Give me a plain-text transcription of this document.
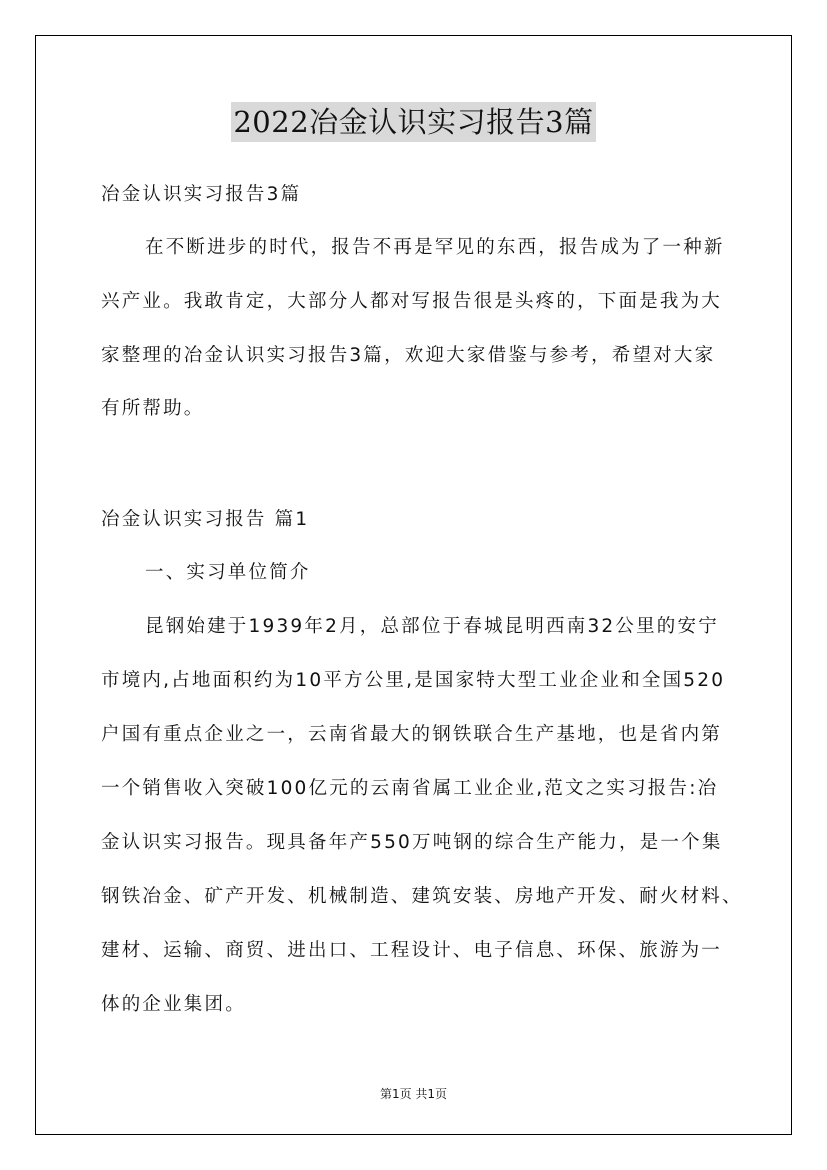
2022冶金认识实习报告3篇
冶金认识实习报告3篇
在不断进步的时代，报告不再是罕见的东西，报告成为了一种新
兴产业。我敢肯定，大部分人都对写报告很是头疼的，下面是我为大
家整理的冶金认识实习报告3篇，欢迎大家借鉴与参考，希望对大家
有所帮助。
冶金认识实习报告 篇1
一、实习单位简介
昆钢始建于1939年2月，总部位于春城昆明西南32公里的安宁
市境内,占地面积约为10平方公里,是国家特大型工业企业和全国520
户国有重点企业之一，云南省最大的钢铁联合生产基地，也是省内第
一个销售收入突破100亿元的云南省属工业企业,范文之实习报告:冶
金认识实习报告。现具备年产550万吨钢的综合生产能力，是一个集
钢铁冶金、矿产开发、机械制造、建筑安装、房地产开发、耐火材料、
建材、运输、商贸、进出口、工程设计、电子信息、环保、旅游为一
体的企业集团。
第1页 共1页
